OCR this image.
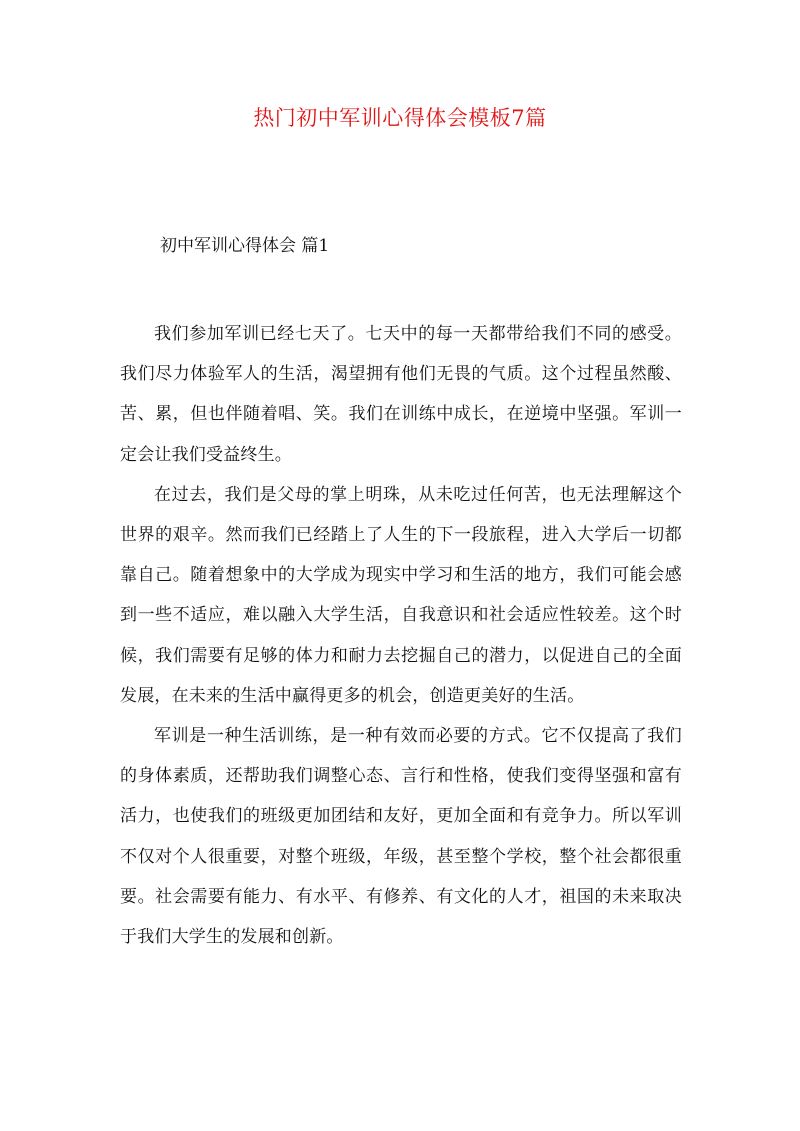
热门初中军训心得体会模板7篇
初中军训心得体会 篇1

我们参加军训已经七天了。七天中的每一天都带给我们不同的感受。我们尽力体验军人的生活，渴望拥有他们无畏的气质。这个过程虽然酸、苦、累，但也伴随着唱、笑。我们在训练中成长，在逆境中坚强。军训一定会让我们受益终生。

在过去，我们是父母的掌上明珠，从未吃过任何苦，也无法理解这个世界的艰辛。然而我们已经踏上了人生的下一段旅程，进入大学后一切都靠自己。随着想象中的大学成为现实中学习和生活的地方，我们可能会感到一些不适应，难以融入大学生活，自我意识和社会适应性较差。这个时候，我们需要有足够的体力和耐力去挖掘自己的潜力，以促进自己的全面发展，在未来的生活中赢得更多的机会，创造更美好的生活。

军训是一种生活训练，是一种有效而必要的方式。它不仅提高了我们的身体素质，还帮助我们调整心态、言行和性格，使我们变得坚强和富有活力，也使我们的班级更加团结和友好，更加全面和有竞争力。所以军训不仅对个人很重要，对整个班级，年级，甚至整个学校，整个社会都很重要。社会需要有能力、有水平、有修养、有文化的人才，祖国的未来取决于我们大学生的发展和创新。
